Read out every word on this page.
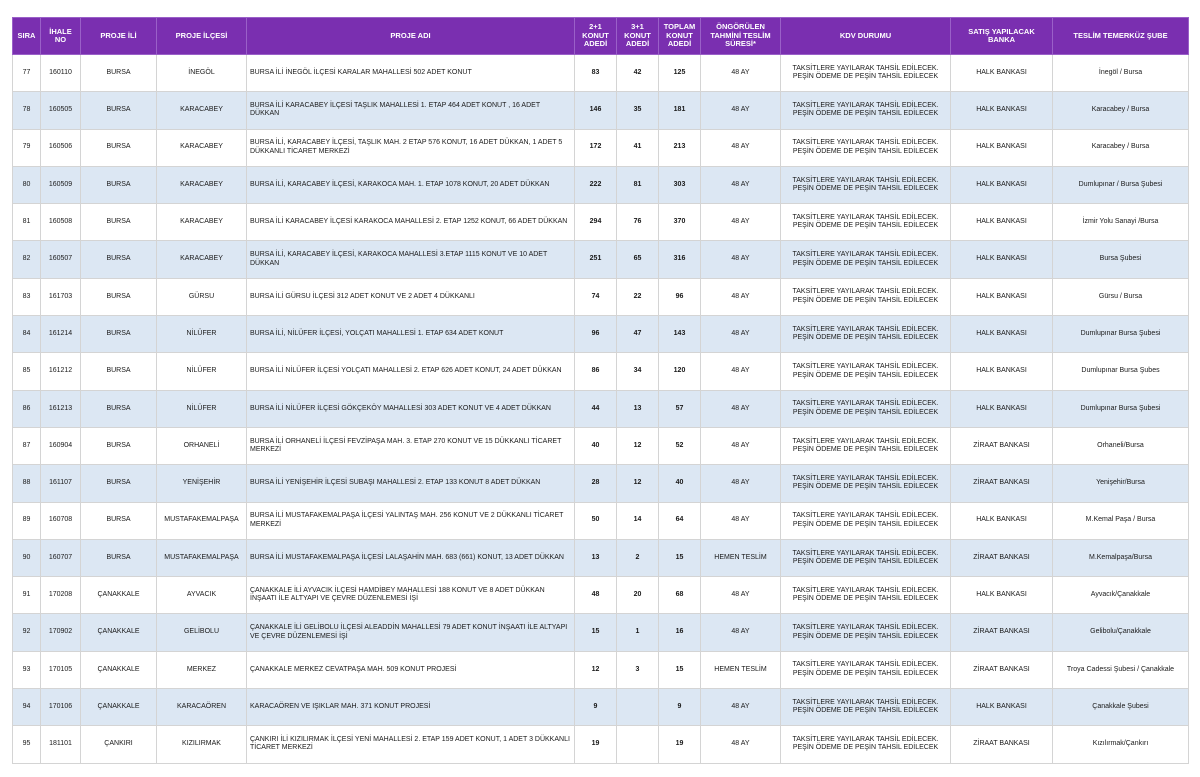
SIRA	İHALE NO	PROJE İLİ	PROJE İLÇESİ	PROJE ADI	2+1 KONUT ADEDİ	3+1 KONUT ADEDİ	TOPLAM KONUT ADEDİ	ÖNGÖRÜLEN TAHMİNİ TESLİM SÜRESİ*	KDV DURUMU	SATIŞ YAPILACAK BANKA	TESLİM TEMERKÜZ ŞUBE
77	160110	BURSA	İNEGÖL	BURSA İLİ İNEGÖL İLÇESİ KARALAR MAHALLESİ 502 ADET KONUT	83	42	125	48 AY	TAKSİTLERE YAYILARAK TAHSİL EDİLECEK. PEŞİN ÖDEME DE PEŞİN TAHSİL EDİLECEK	HALK BANKASI	İnegöl / Bursa
78	160505	BURSA	KARACABEY	BURSA İLİ KARACABEY İLÇESİ TAŞLIK MAHALLESİ 1. ETAP 464 ADET KONUT , 16 ADET DÜKKAN	146	35	181	48 AY	TAKSİTLERE YAYILARAK TAHSİL EDİLECEK. PEŞİN ÖDEME DE PEŞİN TAHSİL EDİLECEK	HALK BANKASI	Karacabey / Bursa
79	160506	BURSA	KARACABEY	BURSA İLİ, KARACABEY İLÇESİ, TAŞLIK MAH. 2 ETAP 576 KONUT, 16 ADET DÜKKAN, 1 ADET 5 DÜKKANLI TİCARET MERKEZİ	172	41	213	48 AY	TAKSİTLERE YAYILARAK TAHSİL EDİLECEK. PEŞİN ÖDEME DE PEŞİN TAHSİL EDİLECEK	HALK BANKASI	Karacabey / Bursa
80	160509	BURSA	KARACABEY	BURSA İLİ, KARACABEY İLÇESİ, KARAKOCA MAH. 1. ETAP 1078 KONUT, 20 ADET DÜKKAN	222	81	303	48 AY	TAKSİTLERE YAYILARAK TAHSİL EDİLECEK. PEŞİN ÖDEME DE PEŞİN TAHSİL EDİLECEK	HALK BANKASI	Dumlupınar / Bursa Şubesi
81	160508	BURSA	KARACABEY	BURSA İLİ KARACABEY İLÇESİ KARAKOCA MAHALLESİ 2. ETAP 1252 KONUT, 66 ADET DÜKKAN	294	76	370	48 AY	TAKSİTLERE YAYILARAK TAHSİL EDİLECEK. PEŞİN ÖDEME DE PEŞİN TAHSİL EDİLECEK	HALK BANKASI	İzmir Yolu Sanayi /Bursa
82	160507	BURSA	KARACABEY	BURSA İLİ, KARACABEY İLÇESİ, KARAKOCA MAHALLESİ 3.ETAP 1115 KONUT VE 10 ADET DÜKKAN	251	65	316	48 AY	TAKSİTLERE YAYILARAK TAHSİL EDİLECEK. PEŞİN ÖDEME DE PEŞİN TAHSİL EDİLECEK	HALK BANKASI	Bursa Şubesi
83	161703	BURSA	GÜRSU	BURSA İLİ GÜRSU İLÇESİ 312 ADET KONUT VE 2 ADET 4 DÜKKANLI	74	22	96	48 AY	TAKSİTLERE YAYILARAK TAHSİL EDİLECEK. PEŞİN ÖDEME DE PEŞİN TAHSİL EDİLECEK	HALK BANKASI	Gürsu / Bursa
84	161214	BURSA	NİLÜFER	BURSA İLİ, NİLÜFER İLÇESİ, YOLÇATI MAHALLESİ 1. ETAP 634 ADET KONUT	96	47	143	48 AY	TAKSİTLERE YAYILARAK TAHSİL EDİLECEK. PEŞİN ÖDEME DE PEŞİN TAHSİL EDİLECEK	HALK BANKASI	Dumlupınar Bursa Şubesi
85	161212	BURSA	NİLÜFER	BURSA İLİ NİLÜFER İLÇESİ YOLÇATI MAHALLESİ 2. ETAP 626 ADET KONUT, 24 ADET DÜKKAN	86	34	120	48 AY	TAKSİTLERE YAYILARAK TAHSİL EDİLECEK. PEŞİN ÖDEME DE PEŞİN TAHSİL EDİLECEK	HALK BANKASI	Dumlupınar Bursa Şubes
86	161213	BURSA	NİLÜFER	BURSA İLİ NİLÜFER İLÇESİ GÖKÇEKÖY MAHALLESİ 303 ADET KONUT VE 4 ADET DÜKKAN	44	13	57	48 AY	TAKSİTLERE YAYILARAK TAHSİL EDİLECEK. PEŞİN ÖDEME DE PEŞİN TAHSİL EDİLECEK	HALK BANKASI	Dumlupınar Bursa Şubesi
87	160904	BURSA	ORHANELİ	BURSA İLİ ORHANELİ İLÇESİ FEVZİPAŞA MAH. 3. ETAP 270 KONUT VE 15 DÜKKANLI TİCARET MERKEZİ	40	12	52	48 AY	TAKSİTLERE YAYILARAK TAHSİL EDİLECEK. PEŞİN ÖDEME DE PEŞİN TAHSİL EDİLECEK	ZİRAAT BANKASI	Orhaneli/Bursa
88	161107	BURSA	YENİŞEHİR	BURSA İLİ YENİŞEHİR İLÇESİ SUBAŞI MAHALLESİ 2. ETAP 133 KONUT 8 ADET DÜKKAN	28	12	40	48 AY	TAKSİTLERE YAYILARAK TAHSİL EDİLECEK. PEŞİN ÖDEME DE PEŞİN TAHSİL EDİLECEK	ZİRAAT BANKASI	Yenişehir/Bursa
89	160708	BURSA	MUSTAFAKEMALPAŞA	BURSA İLİ MUSTAFAKEMALPAŞA İLÇESİ YALINTAŞ MAH. 256 KONUT VE 2 DÜKKANLI TİCARET MERKEZİ	50	14	64	48 AY	TAKSİTLERE YAYILARAK TAHSİL EDİLECEK. PEŞİN ÖDEME DE PEŞİN TAHSİL EDİLECEK	HALK BANKASI	M.Kemal Paşa / Bursa
90	160707	BURSA	MUSTAFAKEMALPAŞA	BURSA İLİ MUSTAFAKEMALPAŞA İLÇESİ LALAŞAHİN MAH. 683 (661) KONUT, 13 ADET DÜKKAN	13	2	15	HEMEN TESLİM	TAKSİTLERE YAYILARAK TAHSİL EDİLECEK. PEŞİN ÖDEME DE PEŞİN TAHSİL EDİLECEK	ZİRAAT BANKASI	M.Kemalpaşa/Bursa
91	170208	ÇANAKKALE	AYVACIK	ÇANAKKALE İLİ AYVACIK İLÇESİ HAMDİBEY MAHALLESİ 188 KONUT VE 8 ADET DÜKKAN İNŞAATI İLE ALTYAPI VE ÇEVRE DÜZENLEMESİ İŞİ	48	20	68	48 AY	TAKSİTLERE YAYILARAK TAHSİL EDİLECEK. PEŞİN ÖDEME DE PEŞİN TAHSİL EDİLECEK	HALK BANKASI	Ayvacık/Çanakkale
92	170902	ÇANAKKALE	GELİBOLU	ÇANAKKALE İLİ GELİBOLU İLÇESİ ALEADDİN MAHALLESİ 79 ADET KONUT İNŞAATI İLE ALTYAPI VE ÇEVRE DÜZENLEMESİ İŞİ	15	1	16	48 AY	TAKSİTLERE YAYILARAK TAHSİL EDİLECEK. PEŞİN ÖDEME DE PEŞİN TAHSİL EDİLECEK	ZİRAAT BANKASI	Gelibolu/Çanakkale
93	170105	ÇANAKKALE	MERKEZ	ÇANAKKALE MERKEZ CEVATPAŞA MAH. 509 KONUT PROJESİ	12	3	15	HEMEN TESLİM	TAKSİTLERE YAYILARAK TAHSİL EDİLECEK. PEŞİN ÖDEME DE PEŞİN TAHSİL EDİLECEK	ZİRAAT BANKASI	Troya Cadessi Şubesi / Çanakkale
94	170106	ÇANAKKALE	KARACAÖREN	KARACAÖREN VE IŞIKLAR MAH. 371 KONUT PROJESİ	9		9	48 AY	TAKSİTLERE YAYILARAK TAHSİL EDİLECEK. PEŞİN ÖDEME DE PEŞİN TAHSİL EDİLECEK	HALK BANKASI	Çanakkale Şubesi
95	181101	ÇANKIRI	KIZILIRMAK	ÇANKIRI İLİ KIZILIRMAK İLÇESİ YENİ MAHALLESİ 2. ETAP 159 ADET KONUT, 1 ADET 3 DÜKKANLI TİCARET MERKEZİ	19		19	48 AY	TAKSİTLERE YAYILARAK TAHSİL EDİLECEK. PEŞİN ÖDEME DE PEŞİN TAHSİL EDİLECEK	ZİRAAT BANKASI	Kızılırmak/Çankırı
